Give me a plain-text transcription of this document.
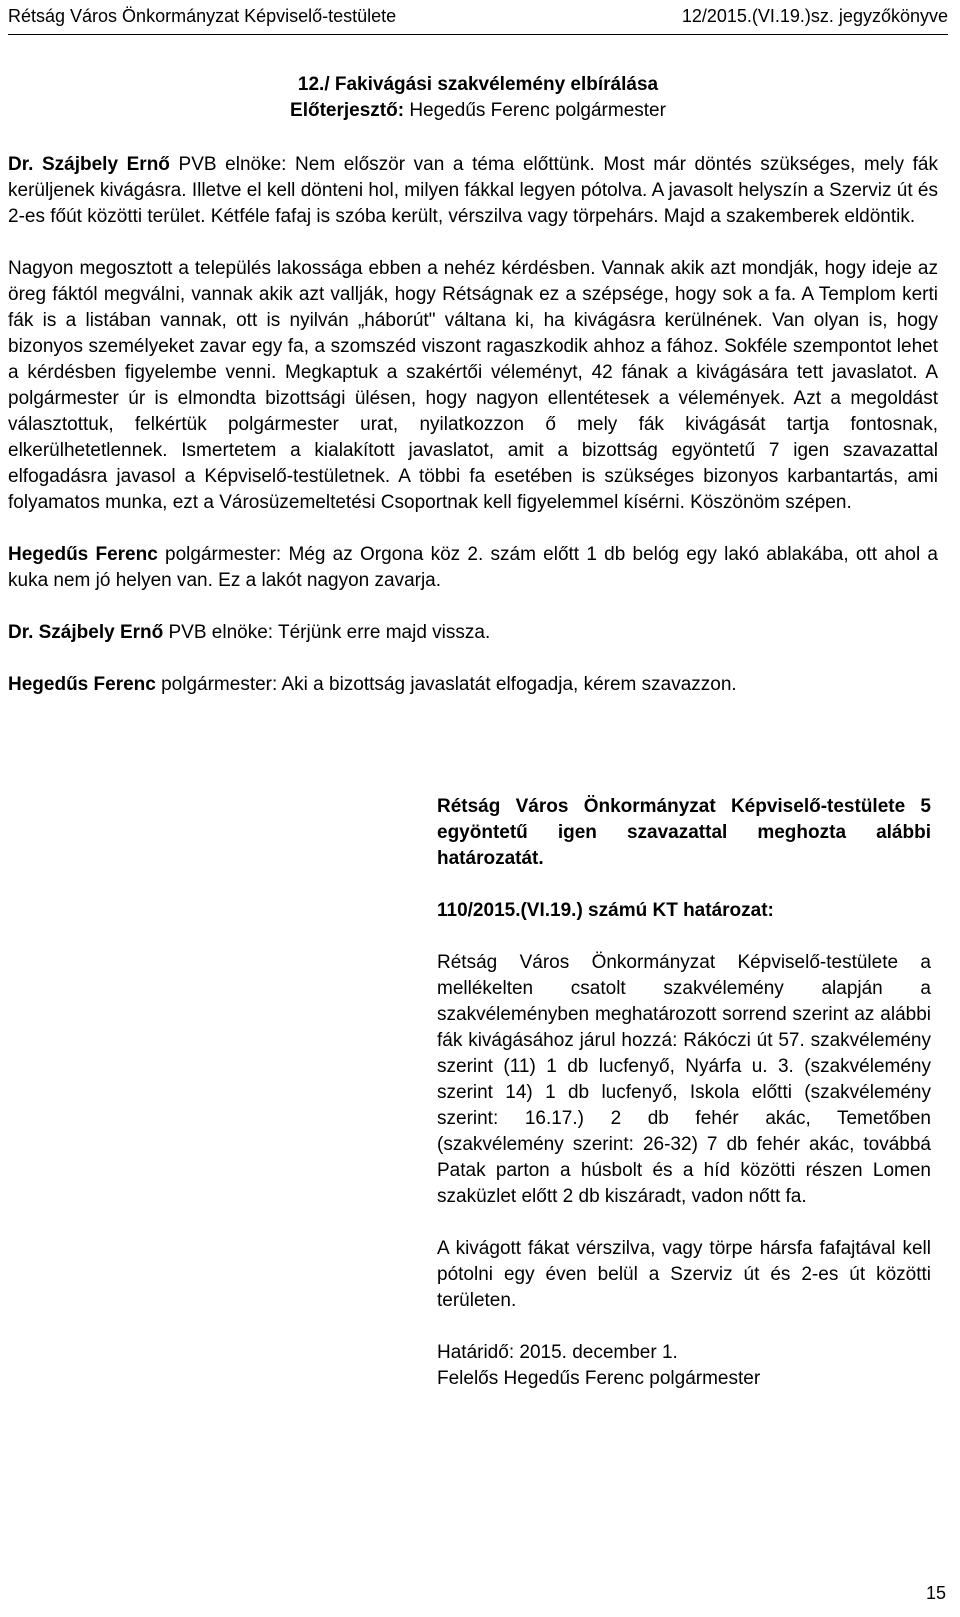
Rétság Város Önkormányzat Képviselő-testülete	12/2015.(VI.19.)sz. jegyzőkönyve
12./ Fakivágási szakvélemény elbírálása
Előterjesztő: Hegedűs Ferenc polgármester

Dr. Szájbely Ernő PVB elnöke: Nem először van a téma előttünk. Most már döntés szükséges, mely fák kerüljenek kivágásra. Illetve el kell dönteni hol, milyen fákkal legyen pótolva. A javasolt helyszín a Szerviz út és 2-es főút közötti terület. Kétféle fafaj is szóba került, vérszilva vagy törpehárs. Majd a szakemberek eldöntik.

Nagyon megosztott a település lakossága ebben a nehéz kérdésben. Vannak akik azt mondják, hogy ideje az öreg fáktól megválni, vannak akik azt vallják, hogy Rétságnak ez a szépsége, hogy sok a fa. A Templom kerti fák is a listában vannak, ott is nyilván „háborút" váltana ki, ha kivágásra kerülnének. Van olyan is, hogy bizonyos személyeket zavar egy fa, a szomszéd viszont ragaszkodik ahhoz a fához. Sokféle szempontot lehet a kérdésben figyelembe venni. Megkaptuk a szakértői véleményt, 42 fának a kivágására tett javaslatot. A polgármester úr is elmondta bizottsági ülésen, hogy nagyon ellentétesek a vélemények. Azt a megoldást választottuk, felkértük polgármester urat, nyilatkozzon ő mely fák kivágását tartja fontosnak, elkerülhetetlennek. Ismertetem a kialakított javaslatot, amit a bizottság egyöntetű 7 igen szavazattal elfogadásra javasol a Képviselő-testületnek. A többi fa esetében is szükséges bizonyos karbantartás, ami folyamatos munka, ezt a Városüzemeltetési Csoportnak kell figyelemmel kísérni. Köszönöm szépen.

Hegedűs Ferenc polgármester: Még az Orgona köz 2. szám előtt 1 db belóg egy lakó ablakába, ott ahol a kuka nem jó helyen van. Ez a lakót nagyon zavarja.

Dr. Szájbely Ernő PVB elnöke: Térjünk erre majd vissza.

Hegedűs Ferenc polgármester: Aki a bizottság javaslatát elfogadja, kérem szavazzon.

Rétság Város Önkormányzat Képviselő-testülete 5 egyöntetű igen szavazattal meghozta alábbi határozatát.

110/2015.(VI.19.) számú KT határozat:

Rétság Város Önkormányzat Képviselő-testülete a mellékelten csatolt szakvélemény alapján a szakvéleményben meghatározott sorrend szerint az alábbi fák kivágásához járul hozzá: Rákóczi út 57. szakvélemény szerint (11) 1 db lucfenyő, Nyárfa u. 3. (szakvélemény szerint 14) 1 db lucfenyő, Iskola előtti (szakvélemény szerint: 16.17.) 2 db fehér akác, Temetőben (szakvélemény szerint: 26-32) 7 db fehér akác, továbbá Patak parton a húsbolt és a híd közötti részen Lomen szaküzlet előtt 2 db kiszáradt, vadon nőtt fa.

A kivágott fákat vérszilva, vagy törpe hársfa fafajtával kell pótolni egy éven belül a Szerviz út és 2-es út közötti területen.

Határidő: 2015. december 1.

Felelős Hegedűs Ferenc polgármester

15
